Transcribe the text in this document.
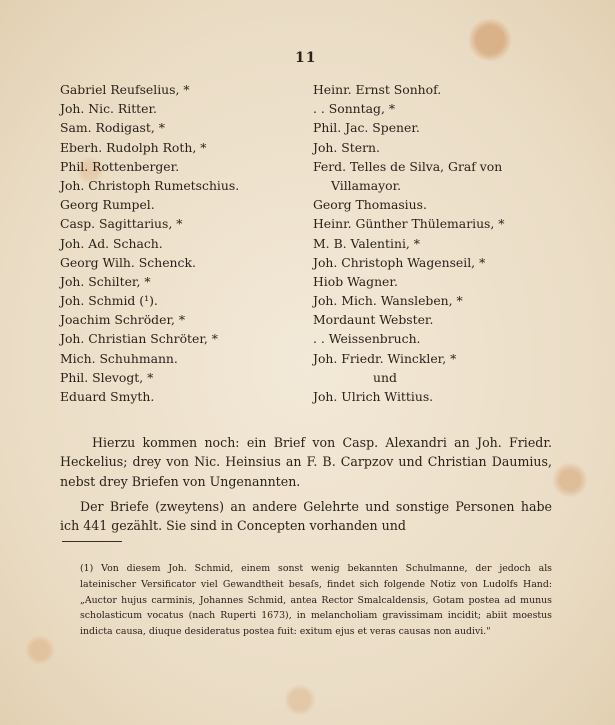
11
Gabriel Reufselius, *
Joh. Nic. Ritter.
Sam. Rodigast, *
Eberh. Rudolph Roth, *
Phil. Rottenberger.
Joh. Christoph Rumetschius.
Georg Rumpel.
Casp. Sagittarius, *
Joh. Ad. Schach.
Georg Wilh. Schenck.
Joh. Schilter, *
Joh. Schmid (¹).
Joachim Schröder, *
Joh. Christian Schröter, *
Mich. Schuhmann.
Phil. Slevogt, *
Eduard Smyth.
Heinr. Ernst Sonhof.
. . Sonntag, *
Phil. Jac. Spener.
Joh. Stern.
Ferd. Telles de Silva, Graf von
Villamayor.
Georg Thomasius.
Heinr. Günther Thülemarius, *
M. B. Valentini, *
Joh. Christoph Wagenseil, *
Hiob Wagner.
Joh. Mich. Wansleben, *
Mordaunt Webster.
. . Weissenbruch.
Joh. Friedr. Winckler, *
und
Joh. Ulrich Wittius.

Hierzu kommen noch: ein Brief von Casp. Alexandri an Joh. Friedr. Heckelius; drey von Nic. Heinsius an F. B. Carpzov und Christian Daumius, nebst drey Briefen von Ungenannten.

Der Briefe (zweytens) an andere Gelehrte und sonstige Personen habe ich 441 gezählt. Sie sind in Concepten vorhanden und

(1) Von diesem Joh. Schmid, einem sonst wenig bekannten Schulmanne, der jedoch als lateinischer Versificator viel Gewandtheit besaſs, findet sich folgende Notiz von Ludolfs Hand: „Auctor hujus carminis, Johannes Schmid, antea Rector Smalcaldensis, Gotam postea ad munus scholasticum vocatus (nach Ruperti 1673), in melancholiam gravissimam incidit; abiit moestus indicta causa, diuque desideratus postea fuit: exitum ejus et veras causas non audivi."
